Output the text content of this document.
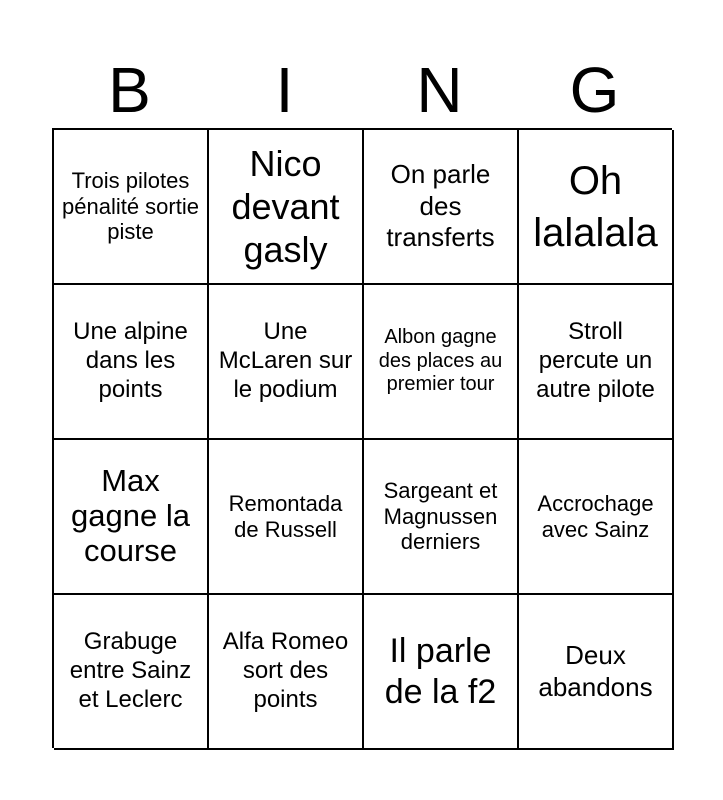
B	I	N	G
Trois pilotes pénalité sortie piste
Nico devant gasly
On parle des transferts
Oh lalalala
Une alpine dans les points
Une McLaren sur le podium
Albon gagne des places au premier tour
Stroll percute un autre pilote
Max gagne la course
Remontada de Russell
Sargeant et Magnussen derniers
Accrochage avec Sainz
Grabuge entre Sainz et Leclerc
Alfa Romeo sort des points
Il parle de la f2
Deux abandons
